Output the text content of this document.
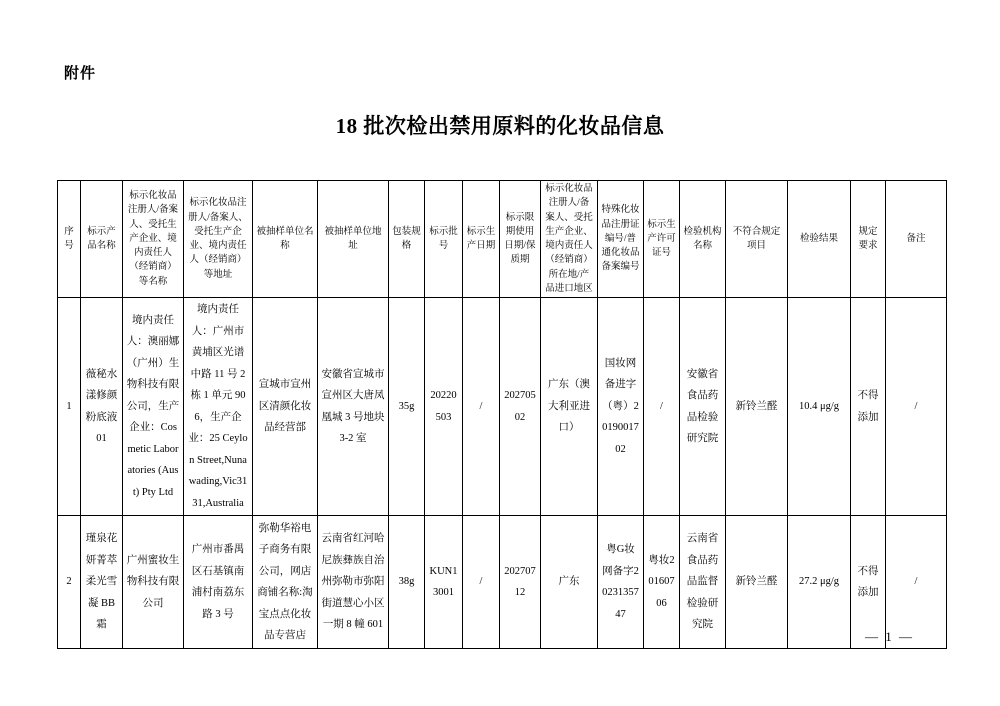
附件
18 批次检出禁用原料的化妆品信息
序号	标示产品名称	标示化妆品注册人/备案人、受托生产企业、境内责任人（经销商）等名称	标示化妆品注册人/备案人、受托生产企业、境内责任人（经销商）等地址	被抽样单位名称	被抽样单位地址	包装规格	标示批号	标示生产日期	标示限期使用日期/保质期	标示化妆品注册人/备案人、受托生产企业、境内责任人（经销商）所在地/产品进口地区	特殊化妆品注册证编号/普通化妆品备案编号	标示生产许可证号	检验机构名称	不符合规定项目	检验结果	规定要求	备注
1	薇秘水漾修颜粉底液 01	境内责任人：澳丽娜（广州）生物科技有限公司，生产企业：Cosmetic Laboratories (Aust) Pty Ltd	境内责任人：广州市黄埔区光谱中路 11 号 2 栋 1 单元 906，生产企业：25 Ceylon Street,Nunawading,Vic3131,Australia	宣城市宣州区清颜化妆品经营部	安徽省宣城市宣州区大唐凤凰城 3 号地块 3-2 室	35g	20220503	/	20270502	广东（澳大利亚进口）	国妆网备进字（粤）2019001702	/	安徽省食品药品检验研究院	新铃兰醛	10.4 μg/g	不得添加	/
2	瑾泉花妍菁萃柔光雪凝 BB 霜	广州蜜妆生物科技有限公司	广州市番禺区石基镇南浦村南荔东路 3 号	弥勒华裕电子商务有限公司，网店商铺名称:淘宝点点化妆品专营店	云南省红河哈尼族彝族自治州弥勒市弥阳街道慧心小区一期 8 幢 601	38g	KUN13001	/	20270712	广东	粤G妆网备字2023135747	粤妆20160706	云南省食品药品监督检验研究院	新铃兰醛	27.2 μg/g	不得添加	/
— 1 —
